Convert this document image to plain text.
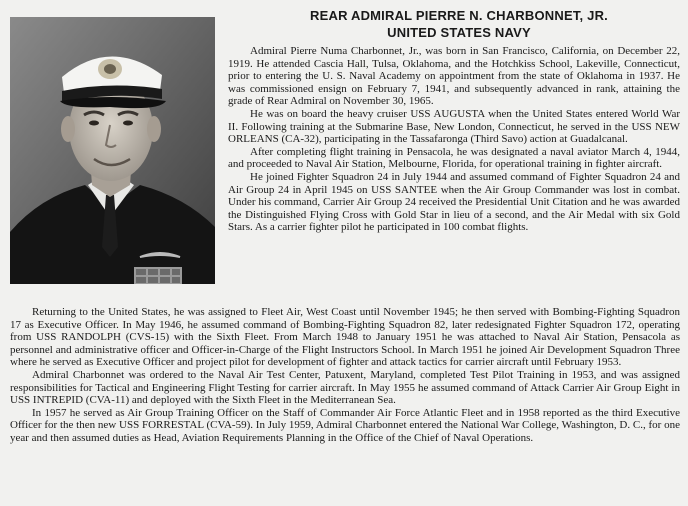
REAR ADMIRAL PIERRE N. CHARBONNET, JR.
UNITED STATES NAVY

Admiral Pierre Numa Charbonnet, Jr., was born in San Francisco, California, on December 22, 1919. He attended Cascia Hall, Tulsa, Oklahoma, and the Hotchkiss School, Lakeville, Connecticut, prior to entering the U. S. Naval Academy on appointment from the state of Oklahoma in 1937. He was commissioned ensign on February 7, 1941, and subsequently advanced in rank, attaining the grade of Rear Admiral on November 30, 1965.

He was on board the heavy cruiser USS AUGUSTA when the United States entered World War II. Following training at the Submarine Base, New London, Connecticut, he served in the USS NEW ORLEANS (CA-32), participating in the Tassafaronga (Third Savo) action at Guadalcanal.

After completing flight training in Pensacola, he was designated a naval aviator March 4, 1944, and proceeded to Naval Air Station, Melbourne, Florida, for operational training in fighter aircraft.

He joined Fighter Squadron 24 in July 1944 and assumed command of Fighter Squadron 24 and Air Group 24 in April 1945 on USS SANTEE when the Air Group Commander was lost in combat. Under his command, Carrier Air Group 24 received the Presidential Unit Citation and he was awarded the Distinguished Flying Cross with Gold Star in lieu of a second, and the Air Medal with six Gold Stars. As a carrier fighter pilot he participated in 100 combat flights.

Returning to the United States, he was assigned to Fleet Air, West Coast until November 1945; he then served with Bombing-Fighting Squadron 17 as Executive Officer. In May 1946, he assumed command of Bombing-Fighting Squadron 82, later redesignated Fighter Squadron 172, operating from USS RANDOLPH (CVS-15) with the Sixth Fleet. From March 1948 to January 1951 he was attached to Naval Air Station, Pensacola as personnel and administrative officer and Officer-in-Charge of the Flight Instructors School. In March 1951 he joined Air Development Squadron Three where he served as Executive Officer and project pilot for development of fighter and attack tactics for carrier aircraft until February 1953.

Admiral Charbonnet was ordered to the Naval Air Test Center, Patuxent, Maryland, completed Test Pilot Training in 1953, and was assigned responsibilities for Tactical and Engineering Flight Testing for carrier aircraft. In May 1955 he assumed command of Attack Carrier Air Group Eight in USS INTREPID (CVA-11) and deployed with the Sixth Fleet in the Mediterranean Sea.

In 1957 he served as Air Group Training Officer on the Staff of Commander Air Force Atlantic Fleet and in 1958 reported as the third Executive Officer for the then new USS FORRESTAL (CVA-59). In July 1959, Admiral Charbonnet entered the National War College, Washington, D. C., for one year and then assumed duties as Head, Aviation Requirements Planning in the Office of the Chief of Naval Operations.
